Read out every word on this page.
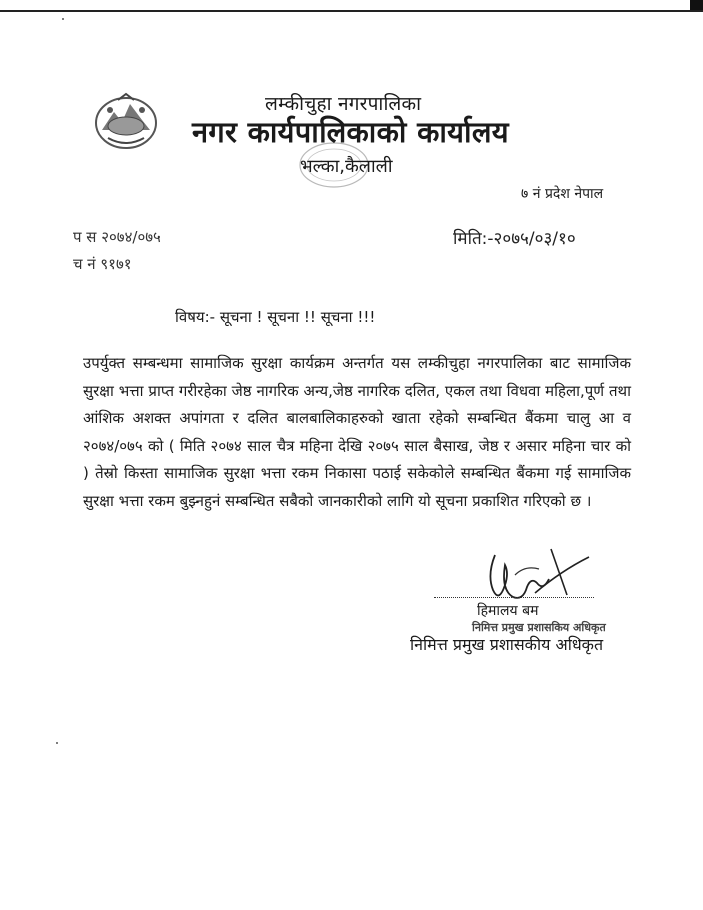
लम्कीचुहा नगरपालिका
नगर कार्यपालिकाको कार्यालय
भल्का,कैलाली
७ नं प्रदेश नेपाल
प स २०७४/०७५
च नं ९१७१
मिति:-२०७५/०३/१०
विषय:- सूचना ! सूचना !! सूचना !!!
उपर्युक्त सम्बन्धमा सामाजिक सुरक्षा कार्यक्रम अन्तर्गत यस लम्कीचुहा नगरपालिका बाट सामाजिक सुरक्षा भत्ता प्राप्त गरीरहेका जेष्ठ नागरिक अन्य,जेष्ठ नागरिक दलित, एकल तथा विधवा महिला,पूर्ण तथा आंशिक अशक्त अपांगता र दलित बालबालिकाहरुको खाता रहेको सम्बन्धित बैंकमा चालु आ व २०७४/०७५ को ( मिति २०७४ साल चैत्र महिना देखि २०७५ साल बैसाख, जेष्ठ र असार महिना चार को ) तेस्रो किस्ता सामाजिक सुरक्षा भत्ता रकम निकासा पठाई सकेकोले सम्बन्धित बैंकमा गई सामाजिक सुरक्षा भत्ता रकम बुझ्नहुनं सम्बन्धित सबैको जानकारीको लागि यो सूचना प्रकाशित गरिएको छ ।
हिमालय बम
निमित्त प्रमुख प्रशासकिय अधिकृत
निमित्त प्रमुख प्रशासकीय अधिकृत
